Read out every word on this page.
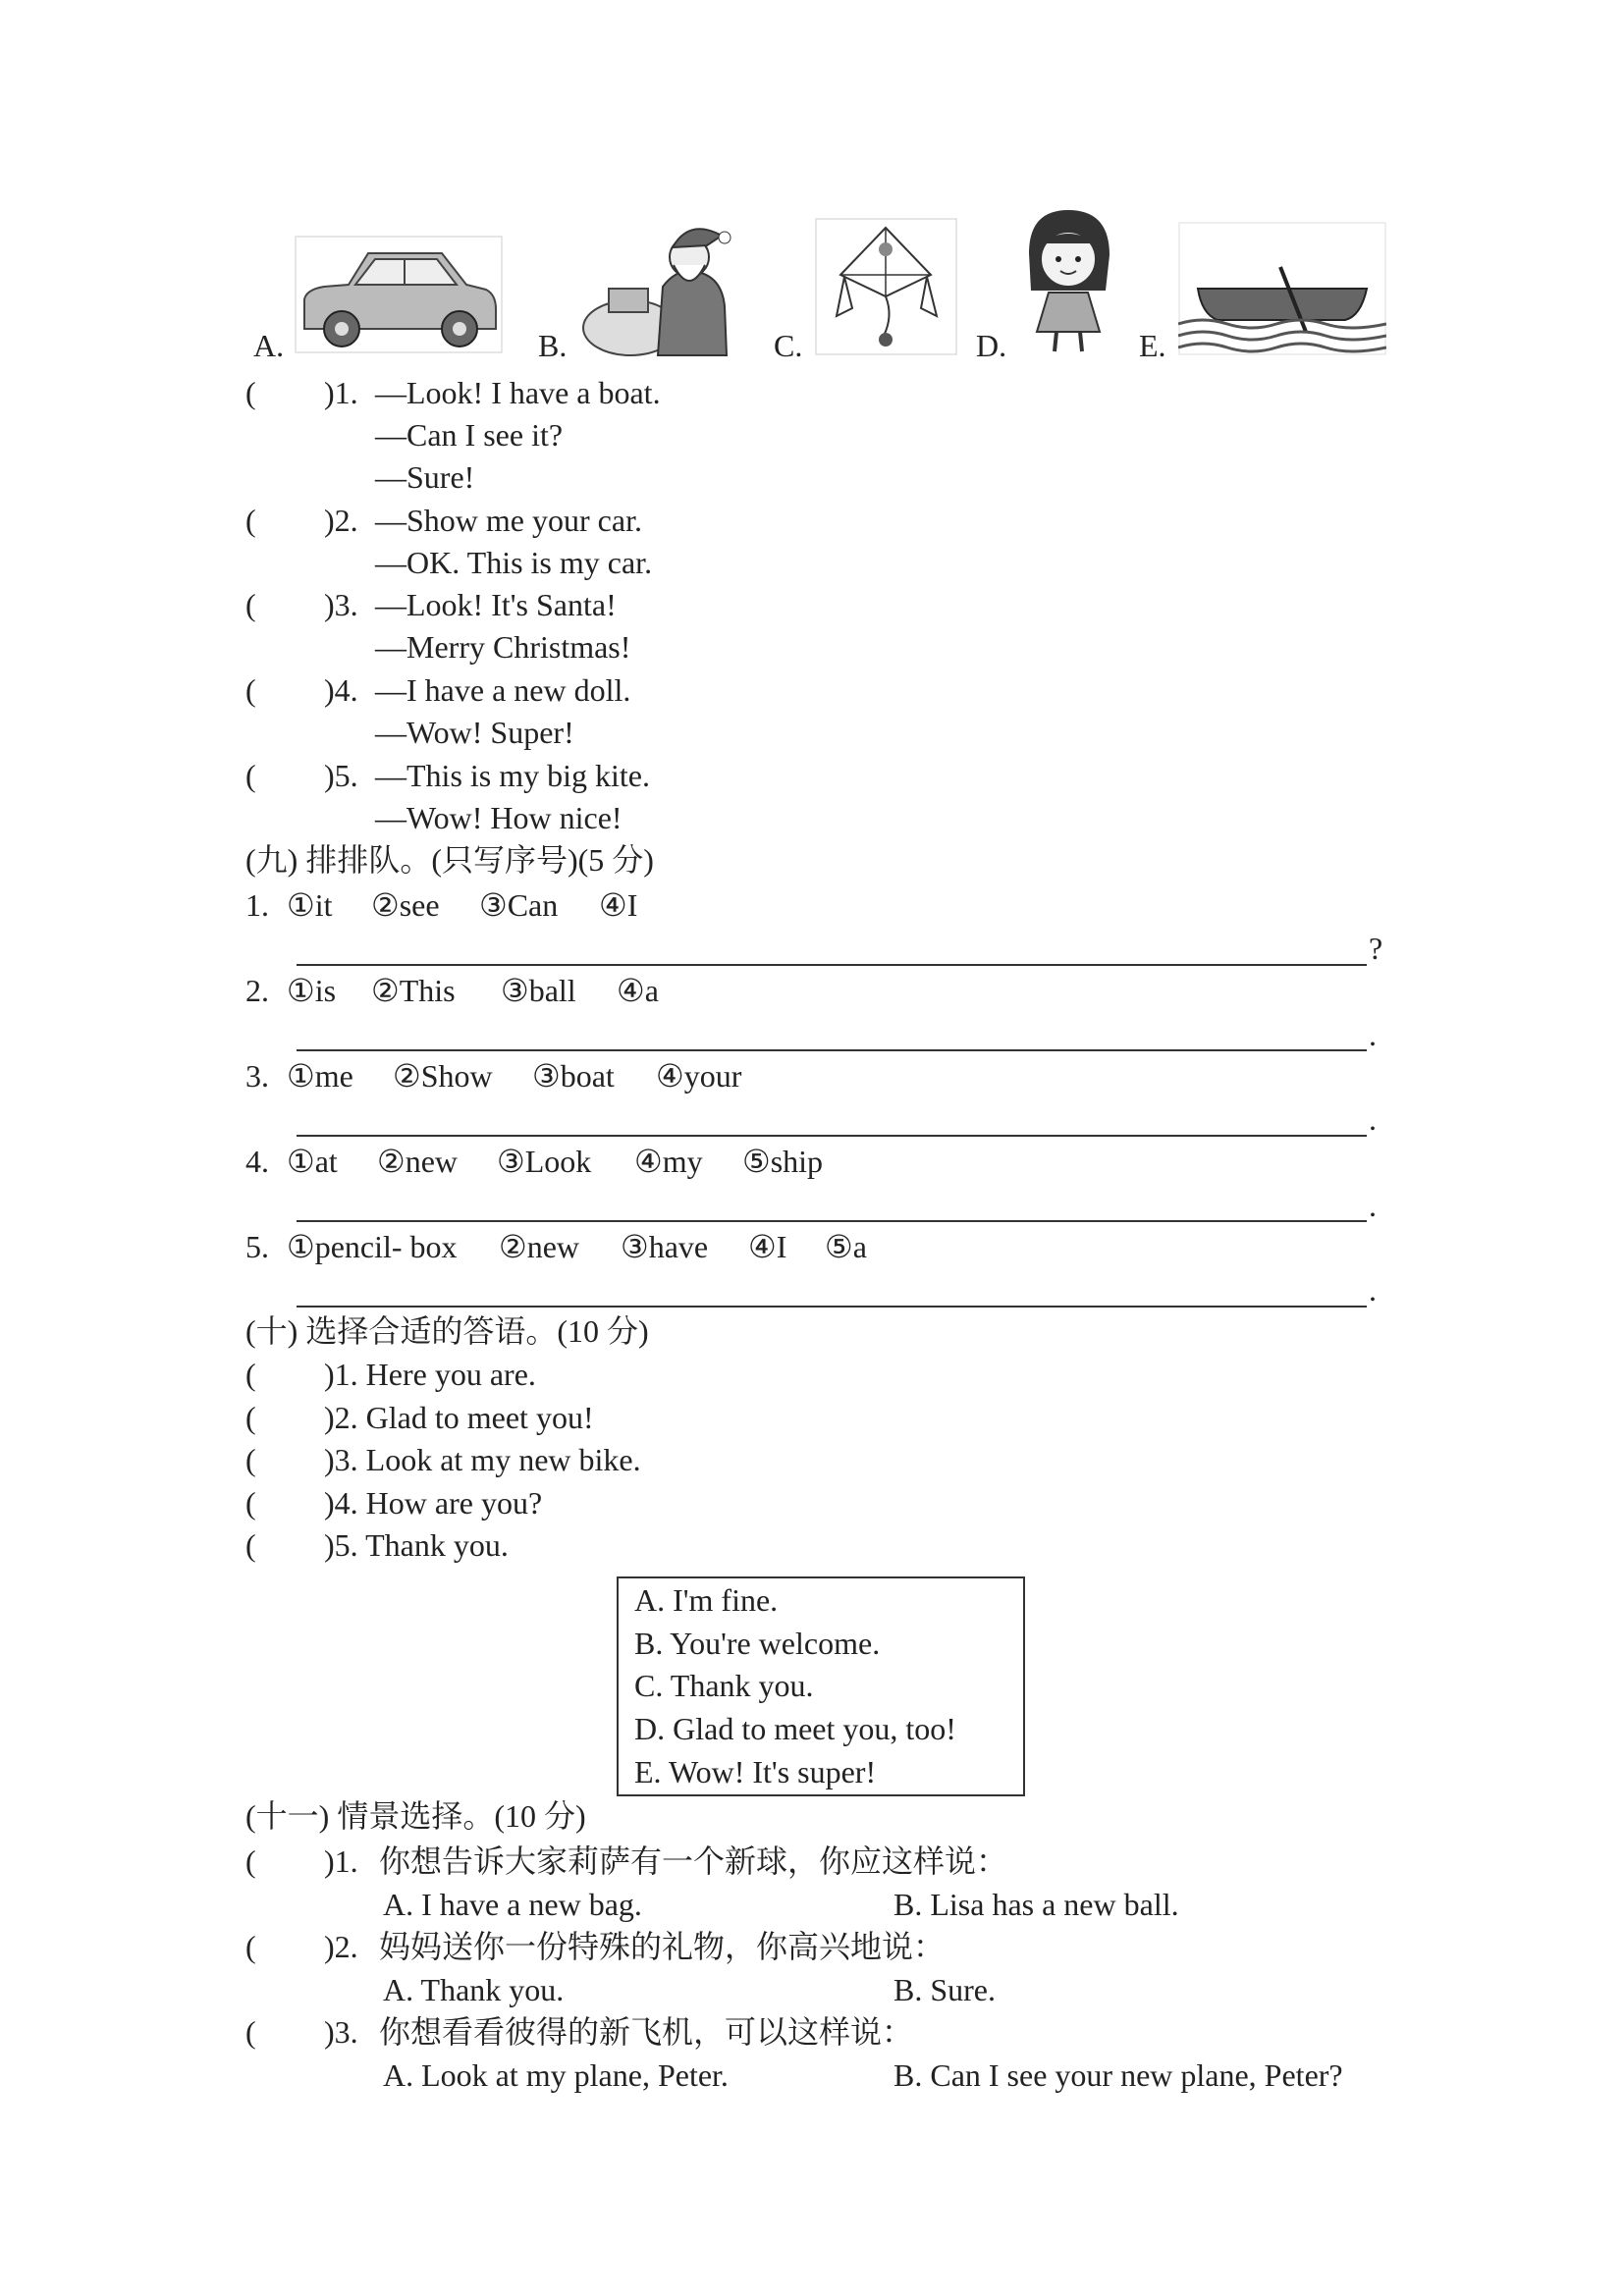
A.	B.	C.	D.	E.
( )1. —Look! I have a boat.
—Can I see it?
—Sure!
( )2. —Show me your car.
—OK. This is my car.
( )3. —Look! It's Santa!
—Merry Christmas!
( )4. —I have a new doll.
—Wow! Super!
( )5. —This is my big kite.
—Wow! How nice!
(九) 排排队。(只写序号)(5 分)
1. ①it ②see ③Can ④I
?
2. ①is ②This ③ball ④a
.
3. ①me ②Show ③boat ④your
.
4. ①at ②new ③Look ④my ⑤ship
.
5. ①pencil- box ②new ③have ④I ⑤a
.
(十) 选择合适的答语。(10 分)
( )1. Here you are.
( )2. Glad to meet you!
( )3. Look at my new bike.
( )4. How are you?
( )5. Thank you.
A. I'm fine.
B. You're welcome.
C. Thank you.
D. Glad to meet you, too!
E. Wow! It's super!
(十一) 情景选择。(10 分)
( )1. 你想告诉大家莉萨有一个新球，你应这样说：
A. I have a new bag.	B. Lisa has a new ball.
( )2. 妈妈送你一份特殊的礼物，你高兴地说：
A. Thank you.	B. Sure.
( )3. 你想看看彼得的新飞机，可以这样说：
A. Look at my plane, Peter.	B. Can I see your new plane, Peter?
